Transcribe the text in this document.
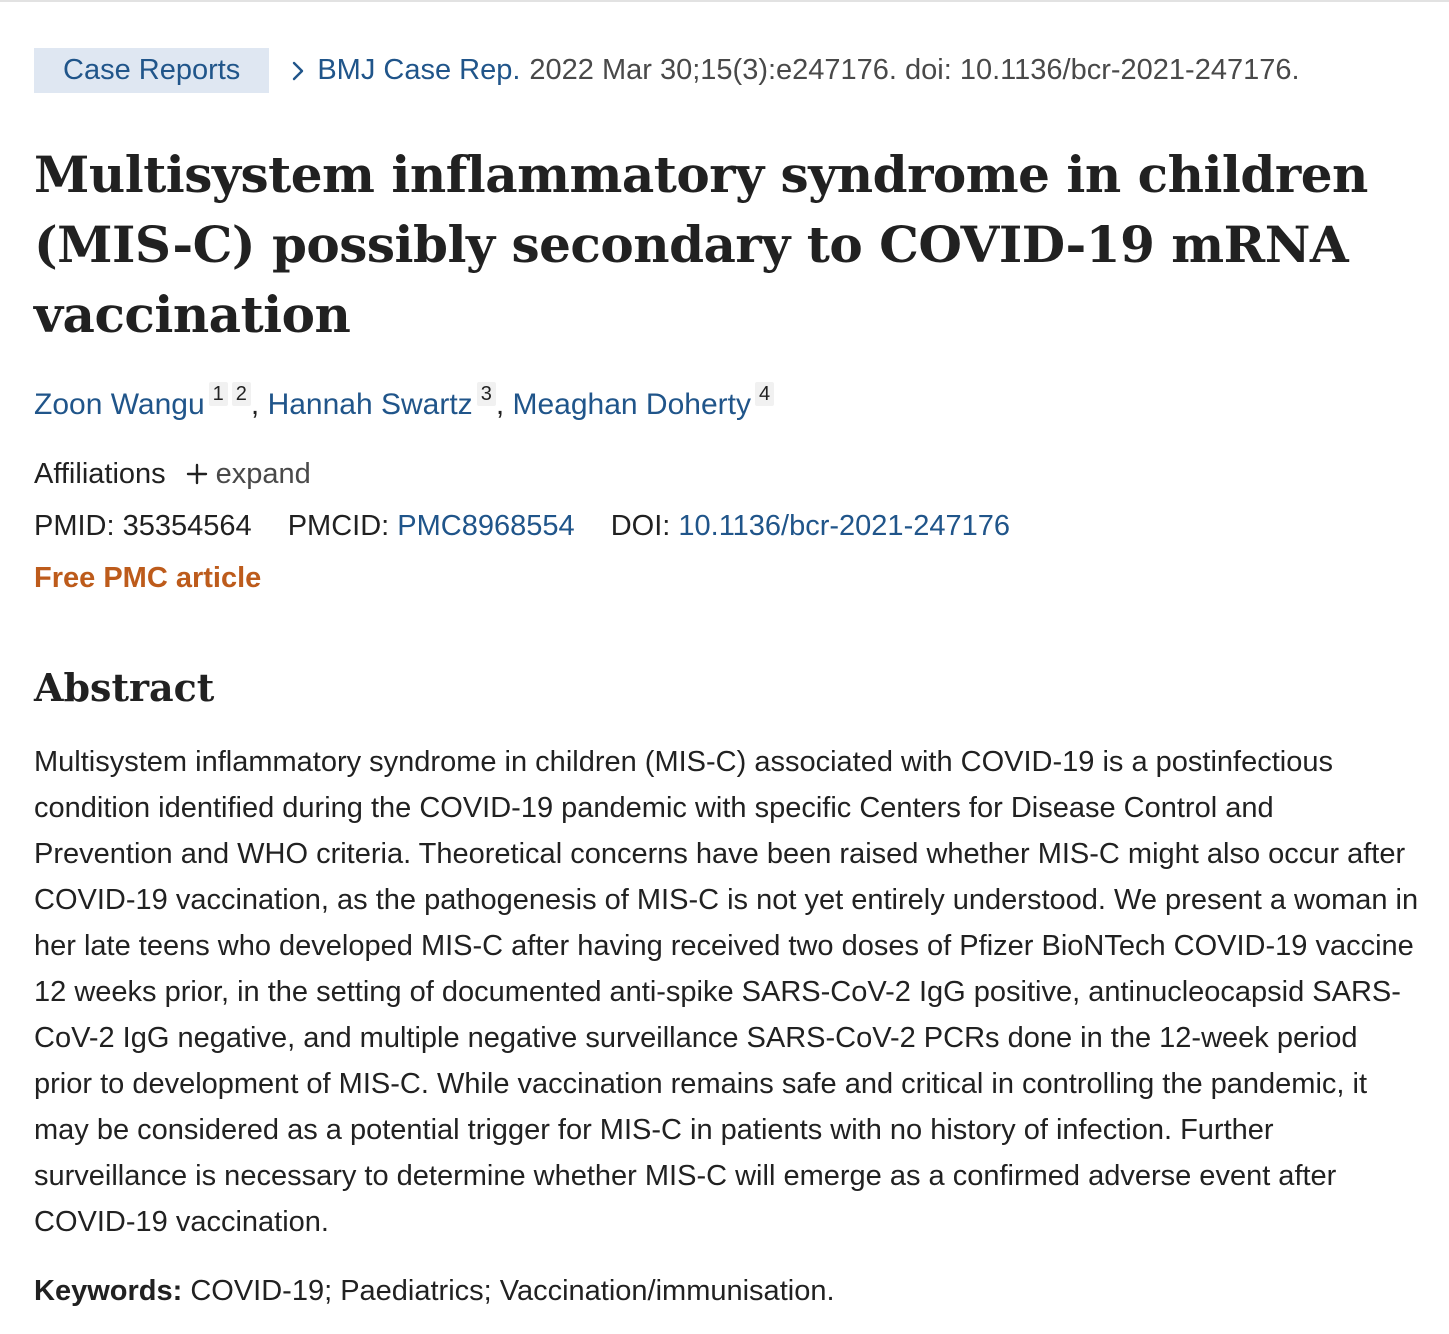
Case Reports	BMJ Case Rep. 2022 Mar 30;15(3):e247176. doi: 10.1136/bcr-2021-247176.
Multisystem inflammatory syndrome in children (MIS-C) possibly secondary to COVID-19 mRNA vaccination
Zoon Wangu 1 2 , Hannah Swartz 3 , Meaghan Doherty 4
Affiliations expand
PMID: 35354564 PMCID: PMC8968554 DOI: 10.1136/bcr-2021-247176
Free PMC article
Abstract

Multisystem inflammatory syndrome in children (MIS-C) associated with COVID-19 is a postinfectious condition identified during the COVID-19 pandemic with specific Centers for Disease Control and Prevention and WHO criteria. Theoretical concerns have been raised whether MIS-C might also occur after COVID-19 vaccination, as the pathogenesis of MIS-C is not yet entirely understood. We present a woman in her late teens who developed MIS-C after having received two doses of Pfizer BioNTech COVID-19 vaccine 12 weeks prior, in the setting of documented anti-spike SARS-CoV-2 IgG positive, antinucleocapsid SARS-CoV-2 IgG negative, and multiple negative surveillance SARS-CoV-2 PCRs done in the 12-week period prior to development of MIS-C. While vaccination remains safe and critical in controlling the pandemic, it may be considered as a potential trigger for MIS-C in patients with no history of infection. Further surveillance is necessary to determine whether MIS-C will emerge as a confirmed adverse event after COVID-19 vaccination.

Keywords: COVID-19; Paediatrics; Vaccination/immunisation.
